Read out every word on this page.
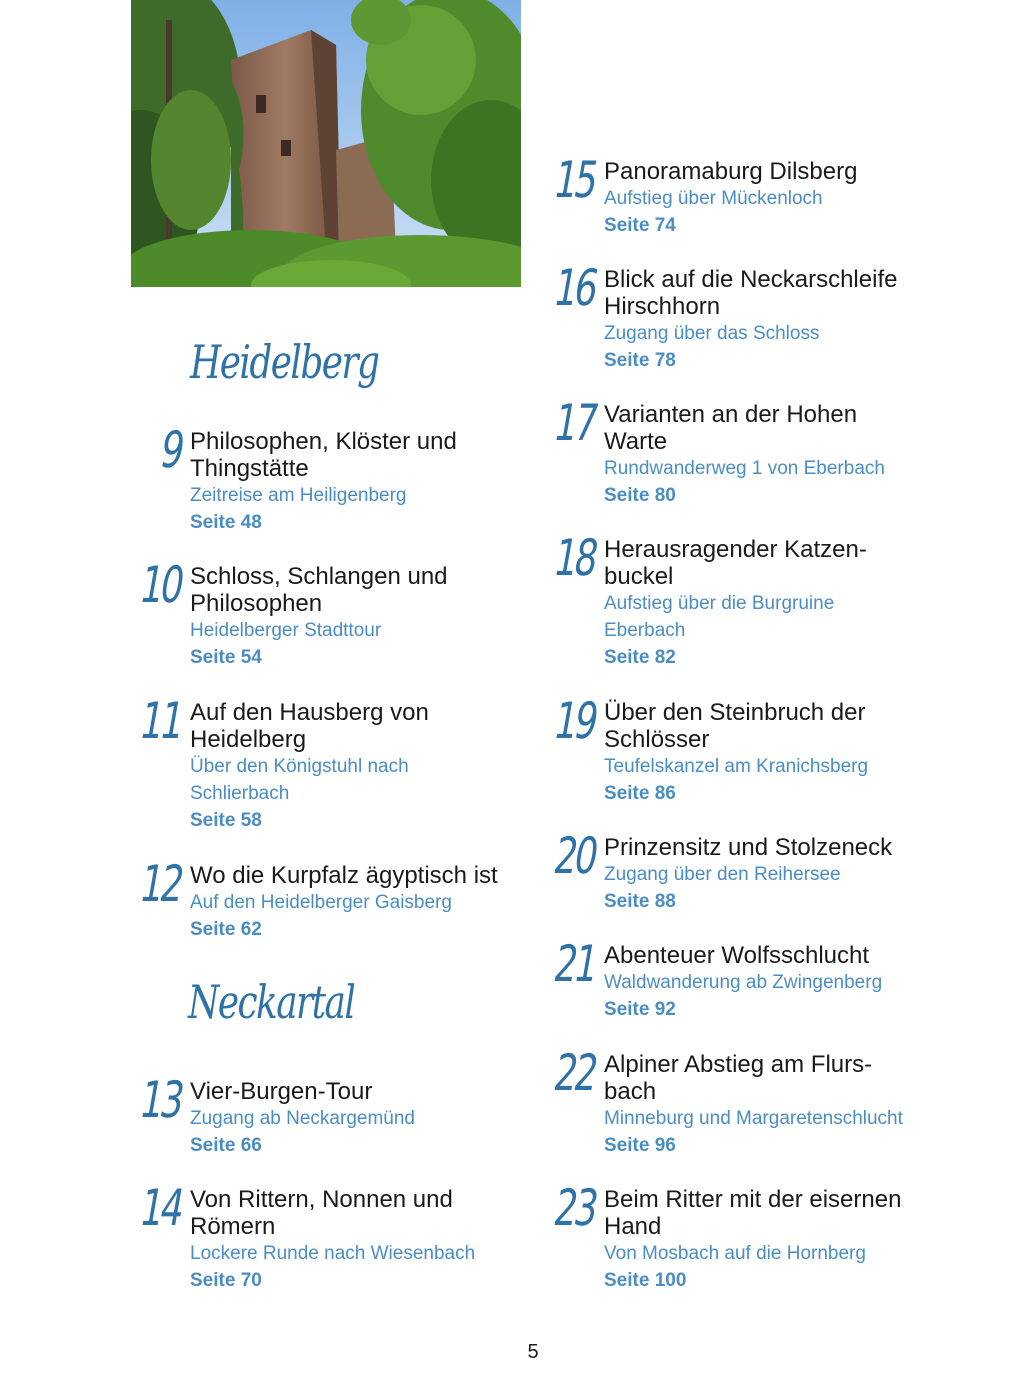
Heidelberg
Neckartal
9 Philosophen, Klöster und Thingstätte
Zeitreise am Heiligenberg
Seite 48
10 Schloss, Schlangen und Philosophen
Heidelberger Stadttour
Seite 54
11 Auf den Hausberg von Heidelberg
Über den Königstuhl nach Schlierbach
Seite 58
12 Wo die Kurpfalz ägyptisch ist
Auf den Heidelberger Gaisberg
Seite 62
13 Vier-Burgen-Tour
Zugang ab Neckargemünd
Seite 66
14 Von Rittern, Nonnen und Römern
Lockere Runde nach Wiesenbach
Seite 70
15 Panoramaburg Dilsberg
Aufstieg über Mückenloch
Seite 74
16 Blick auf die Neckarschleife Hirschhorn
Zugang über das Schloss
Seite 78
17 Varianten an der Hohen Warte
Rundwanderweg 1 von Eberbach
Seite 80
18 Herausragender Katzen-buckel
Aufstieg über die Burgruine Eberbach
Seite 82
19 Über den Steinbruch der Schlösser
Teufelskanzel am Kranichsberg
Seite 86
20 Prinzensitz und Stolzeneck
Zugang über den Reihersee
Seite 88
21 Abenteuer Wolfsschlucht
Waldwanderung ab Zwingenberg
Seite 92
22 Alpiner Abstieg am Flurs-bach
Minneburg und Margaretenschlucht
Seite 96
23 Beim Ritter mit der eisernen Hand
Von Mosbach auf die Hornberg
Seite 100
5
